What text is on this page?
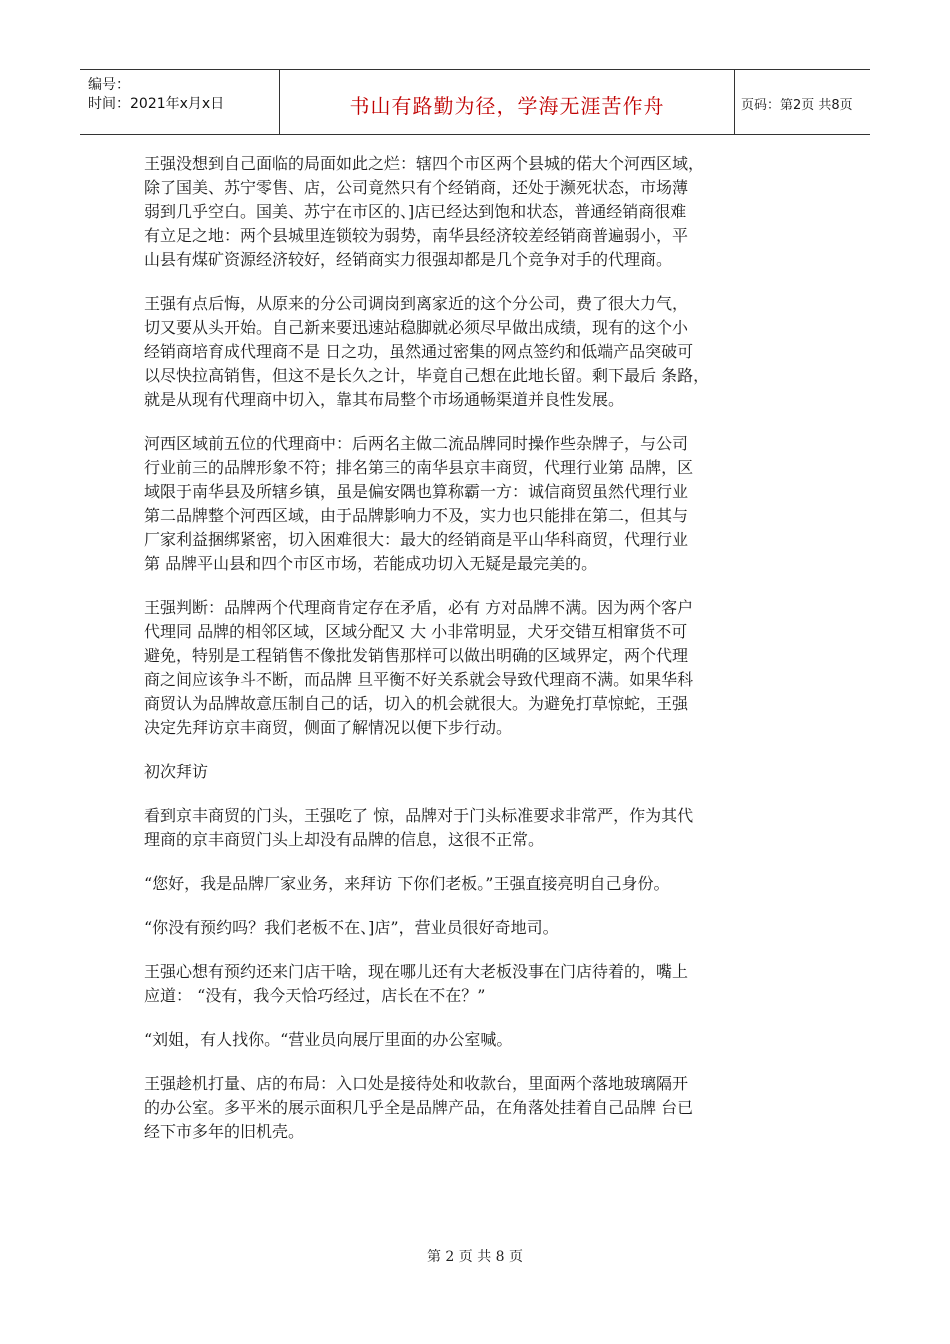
编号：
时间：2021年x月x日	书山有路勤为径，学海无涯苦作舟	页码：第2页 共8页

王强没想到自己面临的局面如此之烂：辖四个市区两个县城的偌大个河西区域，
除了国美、苏宁零售、店，公司竟然只有个经销商，还处于濒死状态，市场薄
弱到几乎空白。国美、苏宁在市区的、]店已经达到饱和状态，普通经销商很难
有立足之地：两个县城里连锁较为弱势，南华县经济较差经销商普遍弱小，平
山县有煤矿资源经济较好，经销商实力很强却都是几个竞争对手的代理商。

王强有点后悔，从原来的分公司调岗到离家近的这个分公司，费了很大力气，
切又要从头开始。自己新来要迅速站稳脚就必须尽早做出成绩，现有的这个小
经销商培育成代理商不是 日之功，虽然通过密集的网点签约和低端产品突破可
以尽快拉高销售，但这不是长久之计，毕竟自己想在此地长留。剩下最后 条路，
就是从现有代理商中切入，靠其布局整个市场通畅渠道并良性发展。

河西区域前五位的代理商中：后两名主做二流品牌同时操作些杂牌子，与公司
行业前三的品牌形象不符；排名第三的南华县京丰商贸，代理行业第 品牌，区
域限于南华县及所辖乡镇，虽是偏安隅也算称霸一方：诚信商贸虽然代理行业
第二品牌整个河西区域，由于品牌影响力不及，实力也只能排在第二，但其与
厂家利益捆绑紧密，切入困难很大：最大的经销商是平山华科商贸，代理行业
第 品牌平山县和四个市区市场，若能成功切入无疑是最完美的。

王强判断：品牌两个代理商肯定存在矛盾，必有 方对品牌不满。因为两个客户
代理同 品牌的相邻区域，区域分配又 大 小非常明显，犬牙交错互相窜货不可
避免，特别是工程销售不像批发销售那样可以做出明确的区域界定，两个代理
商之间应该争斗不断，而品牌 旦平衡不好关系就会导致代理商不满。如果华科
商贸认为品牌故意压制自己的话，切入的机会就很大。为避免打草惊蛇，王强
决定先拜访京丰商贸，侧面了解情况以便下步行动。

初次拜访

看到京丰商贸的门头，王强吃了 惊，品牌对于门头标准要求非常严，作为其代
理商的京丰商贸门头上却没有品牌的信息，这很不正常。

“您好，我是品牌厂家业务，来拜访 下你们老板。”王强直接亮明自己身份。

“你没有预约吗？我们老板不在、]店”，营业员很好奇地司。

王强心想有预约还来门店干啥，现在哪儿还有大老板没事在门店待着的，嘴上
应道： “没有，我今天恰巧经过，店长在不在？”

“刘姐，有人找你。“营业员向展厅里面的办公室喊。

王强趁机打量、店的布局：入口处是接待处和收款台，里面两个落地玻璃隔开
的办公室。多平米的展示面积几乎全是品牌产品，在角落处挂着自己品牌 台已
经下市多年的旧机壳。

第 2 页 共 8 页
